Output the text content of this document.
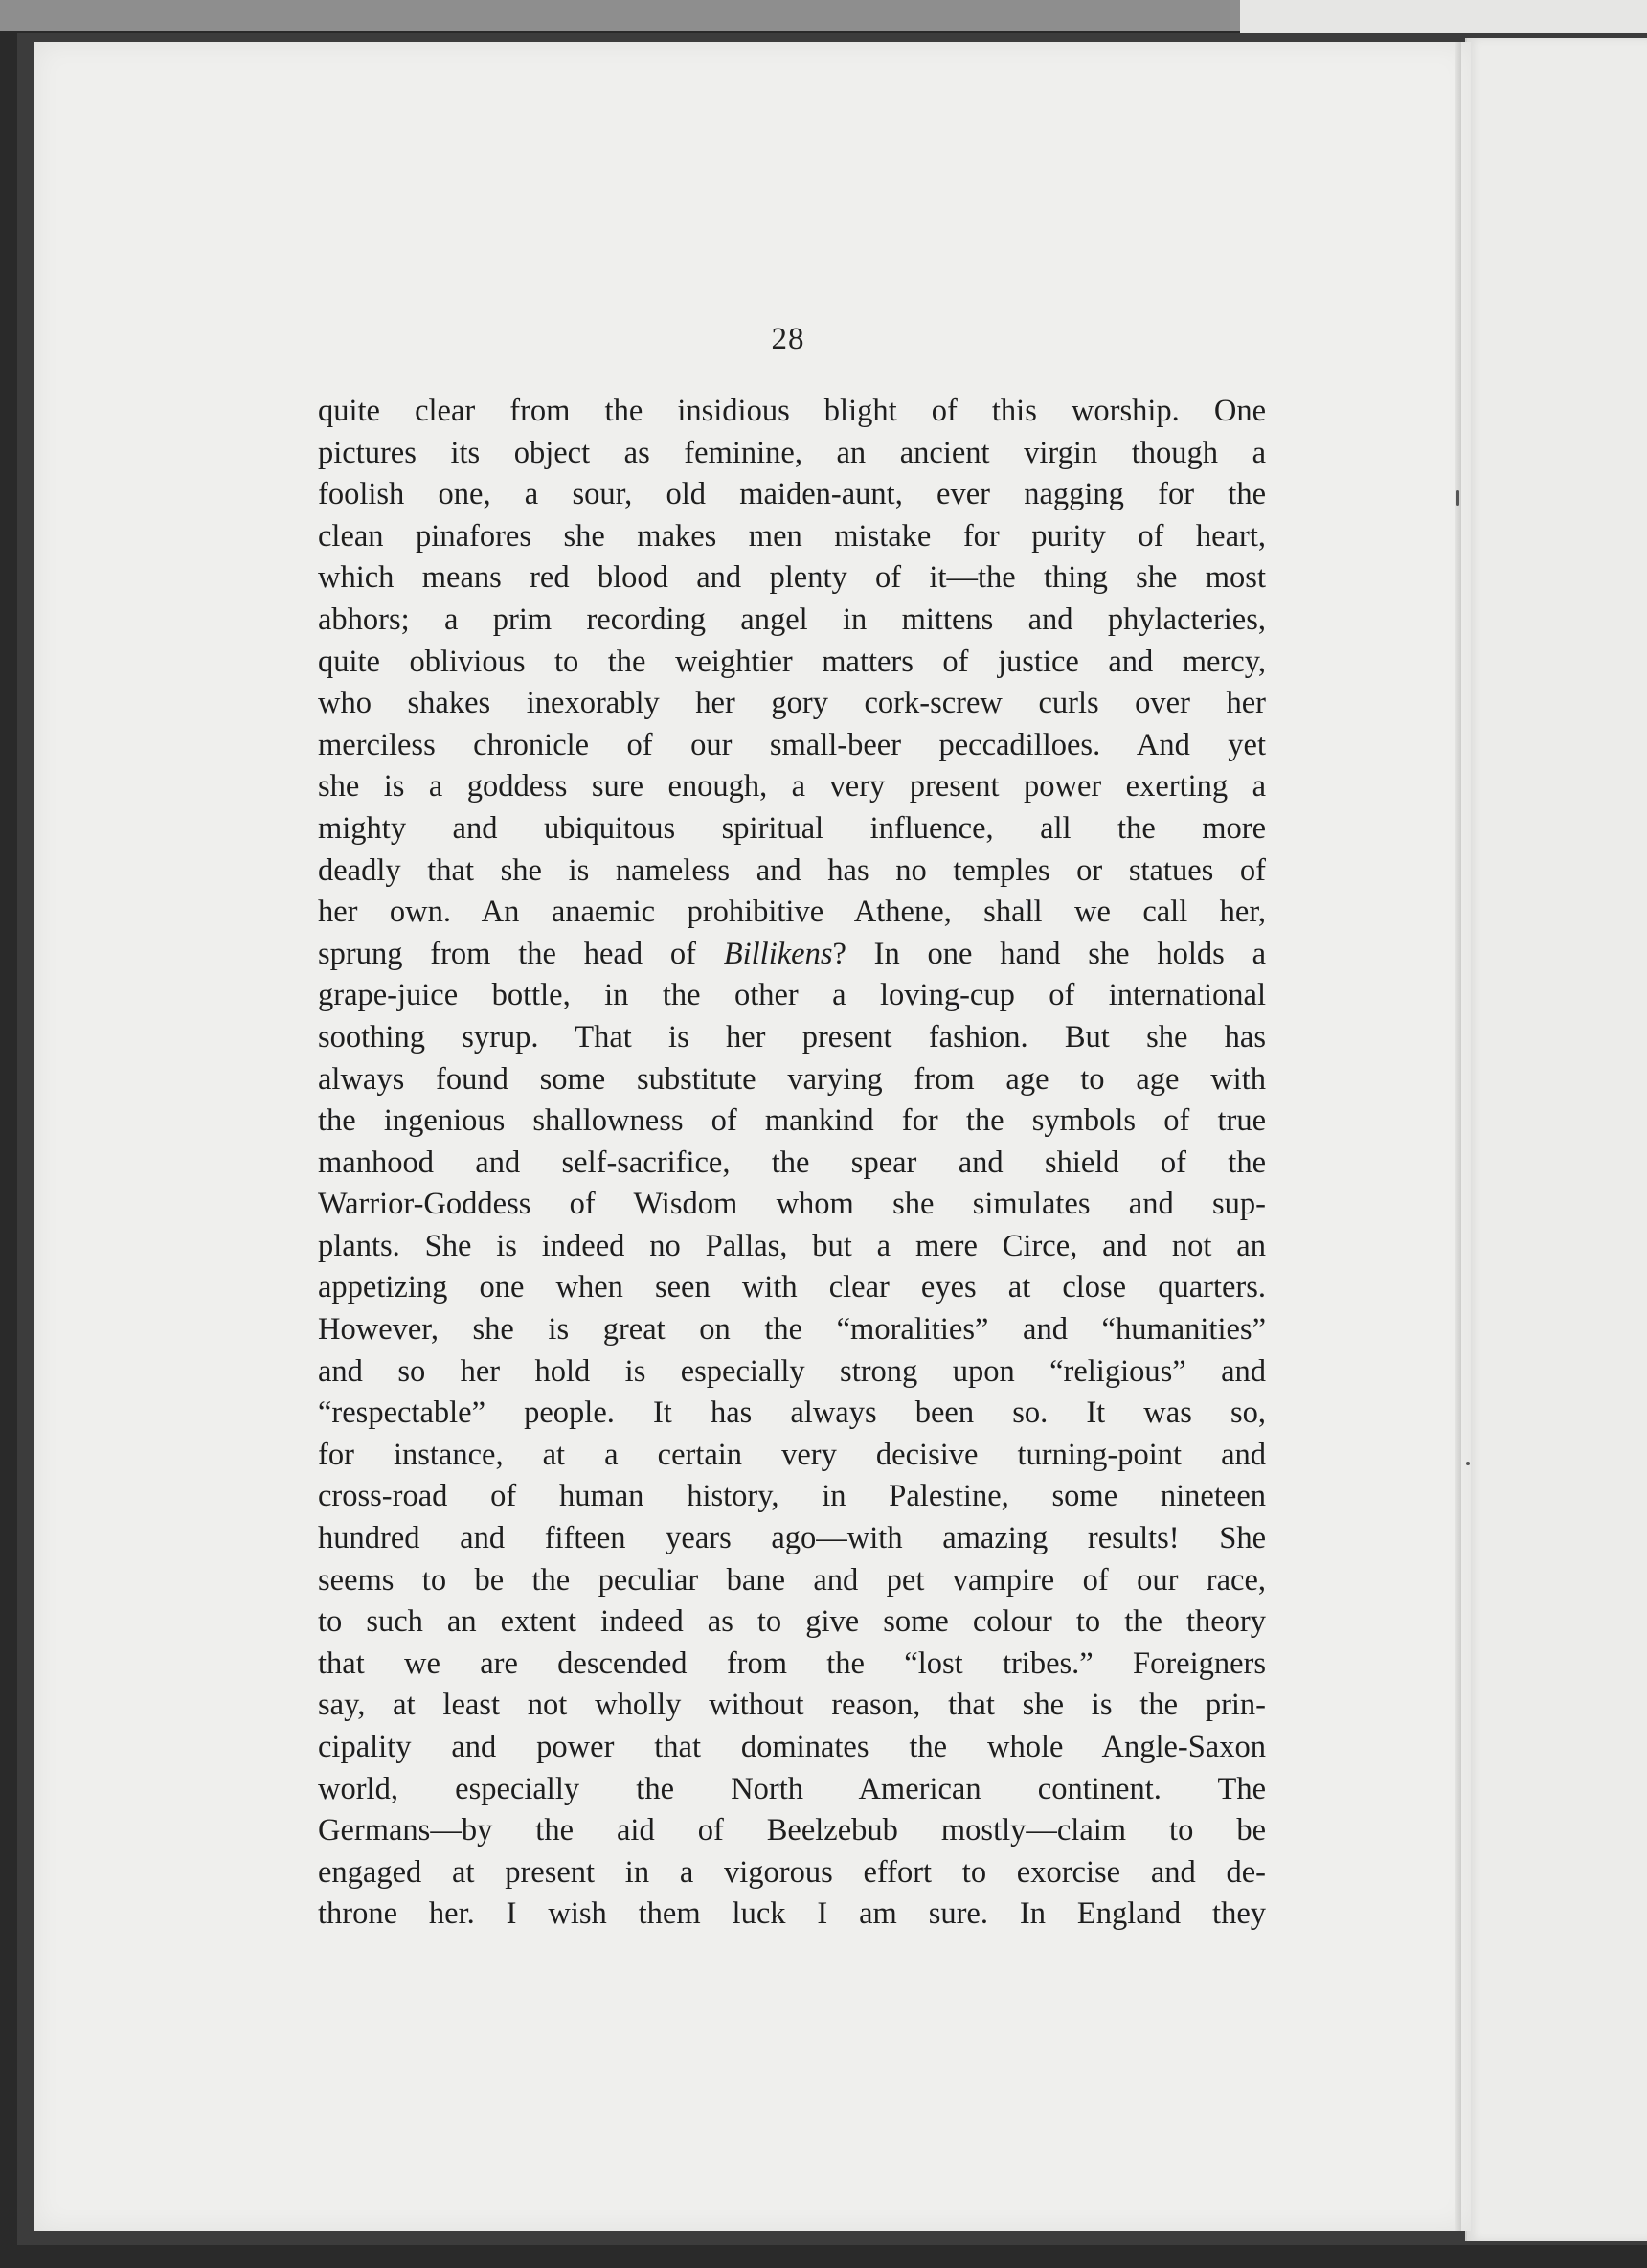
28
quite clear from the insidious blight of this worship. One
pictures its object as feminine, an ancient virgin though a
foolish one, a sour, old maiden-aunt, ever nagging for the
clean pinafores she makes men mistake for purity of heart,
which means red blood and plenty of it—the thing she most
abhors; a prim recording angel in mittens and phylacteries,
quite oblivious to the weightier matters of justice and mercy,
who shakes inexorably her gory cork-screw curls over her
merciless chronicle of our small-beer peccadilloes. And yet
she is a goddess sure enough, a very present power exerting a
mighty and ubiquitous spiritual influence, all the more
deadly that she is nameless and has no temples or statues of
her own. An anaemic prohibitive Athene, shall we call her,
sprung from the head of Billikens? In one hand she holds a
grape-juice bottle, in the other a loving-cup of international
soothing syrup. That is her present fashion. But she has
always found some substitute varying from age to age with
the ingenious shallowness of mankind for the symbols of true
manhood and self-sacrifice, the spear and shield of the
Warrior-Goddess of Wisdom whom she simulates and sup-
plants. She is indeed no Pallas, but a mere Circe, and not an
appetizing one when seen with clear eyes at close quarters.
However, she is great on the “moralities” and “humanities”
and so her hold is especially strong upon “religious” and
“respectable” people. It has always been so. It was so,
for instance, at a certain very decisive turning-point and
cross-road of human history, in Palestine, some nineteen
hundred and fifteen years ago—with amazing results! She
seems to be the peculiar bane and pet vampire of our race,
to such an extent indeed as to give some colour to the theory
that we are descended from the “lost tribes.” Foreigners
say, at least not wholly without reason, that she is the prin-
cipality and power that dominates the whole Angle-Saxon
world, especially the North American continent. The
Germans—by the aid of Beelzebub mostly—claim to be
engaged at present in a vigorous effort to exorcise and de-
throne her. I wish them luck I am sure. In England they
